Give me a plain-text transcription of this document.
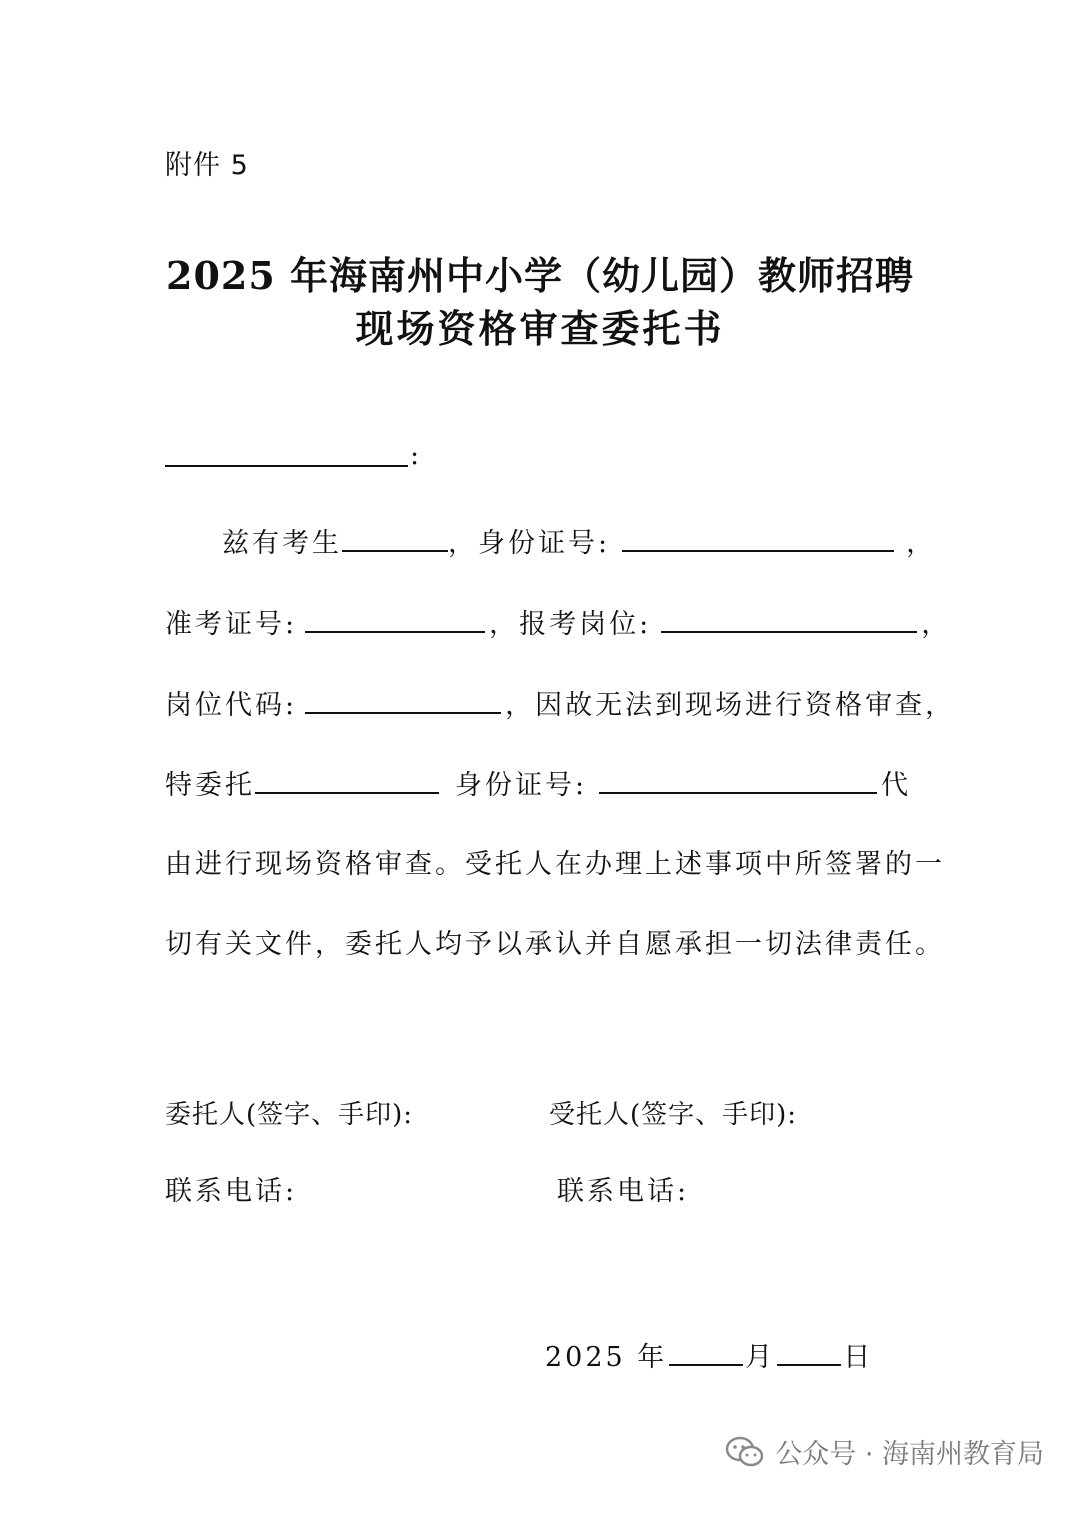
附件 5
2025 年海南州中小学（幼儿园）教师招聘
现场资格审查委托书
:
兹有考生	，身份证号:	，
准考证号:	，报考岗位:	，
岗位代码:	，因故无法到现场进行资格审查，
特委托	身份证号:	代
由进行现场资格审查。受托人在办理上述事项中所签署的一
切有关文件，委托人均予以承认并自愿承担一切法律责任。
委托人(签字、手印):	受托人(签字、手印):
联系电话:	联系电话:
2025 年	月	日
公众号 · 海南州教育局
